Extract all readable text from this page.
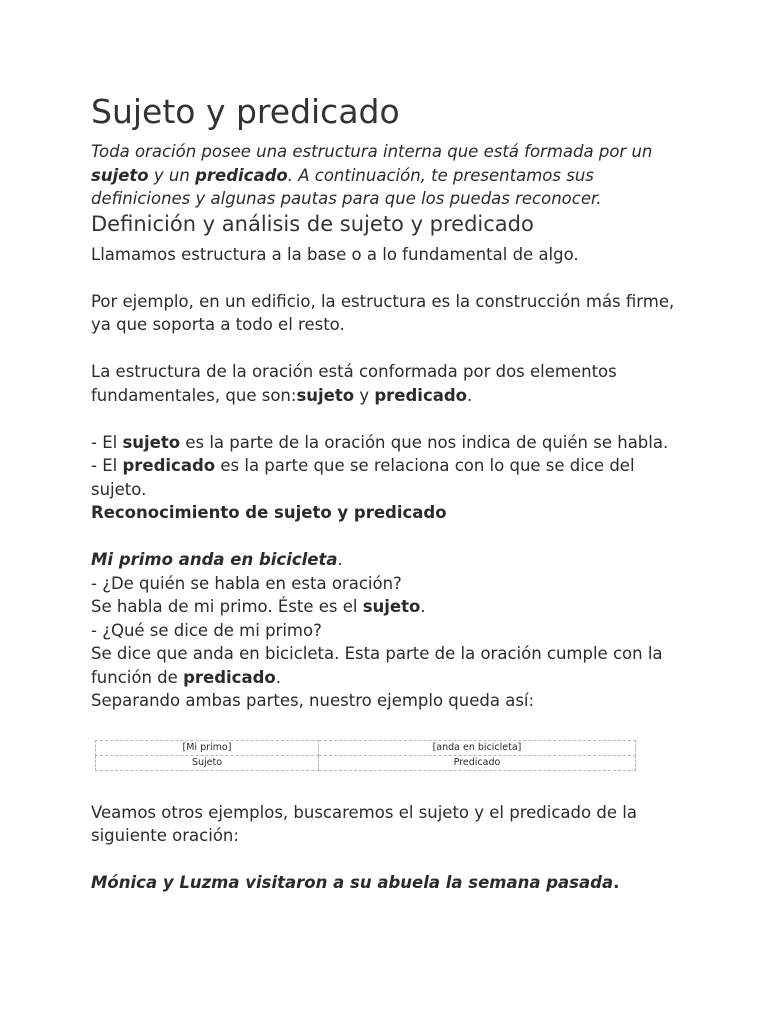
Sujeto y predicado

Toda oración posee una estructura interna que está formada por un sujeto y un predicado. A continuación, te presentamos sus definiciones y algunas pautas para que los puedas reconocer.

Definición y análisis de sujeto y predicado

Llamamos estructura a la base o a lo fundamental de algo.

Por ejemplo, en un edificio, la estructura es la construcción más firme, ya que soporta a todo el resto.

La estructura de la oración está conformada por dos elementos fundamentales, que son:sujeto y predicado.

- El sujeto es la parte de la oración que nos indica de quién se habla.

- El predicado es la parte que se relaciona con lo que se dice del sujeto.

Reconocimiento de sujeto y predicado

Mi primo anda en bicicleta.

- ¿De quién se habla en esta oración?

Se habla de mi primo. Éste es el sujeto.

- ¿Qué se dice de mi primo?

Se dice que anda en bicicleta. Esta parte de la oración cumple con la función de predicado.

Separando ambas partes, nuestro ejemplo queda así:

[Mi primo]	[anda en bicicleta]
Sujeto	Predicado

Veamos otros ejemplos, buscaremos el sujeto y el predicado de la siguiente oración:

Mónica y Luzma visitaron a su abuela la semana pasada.
